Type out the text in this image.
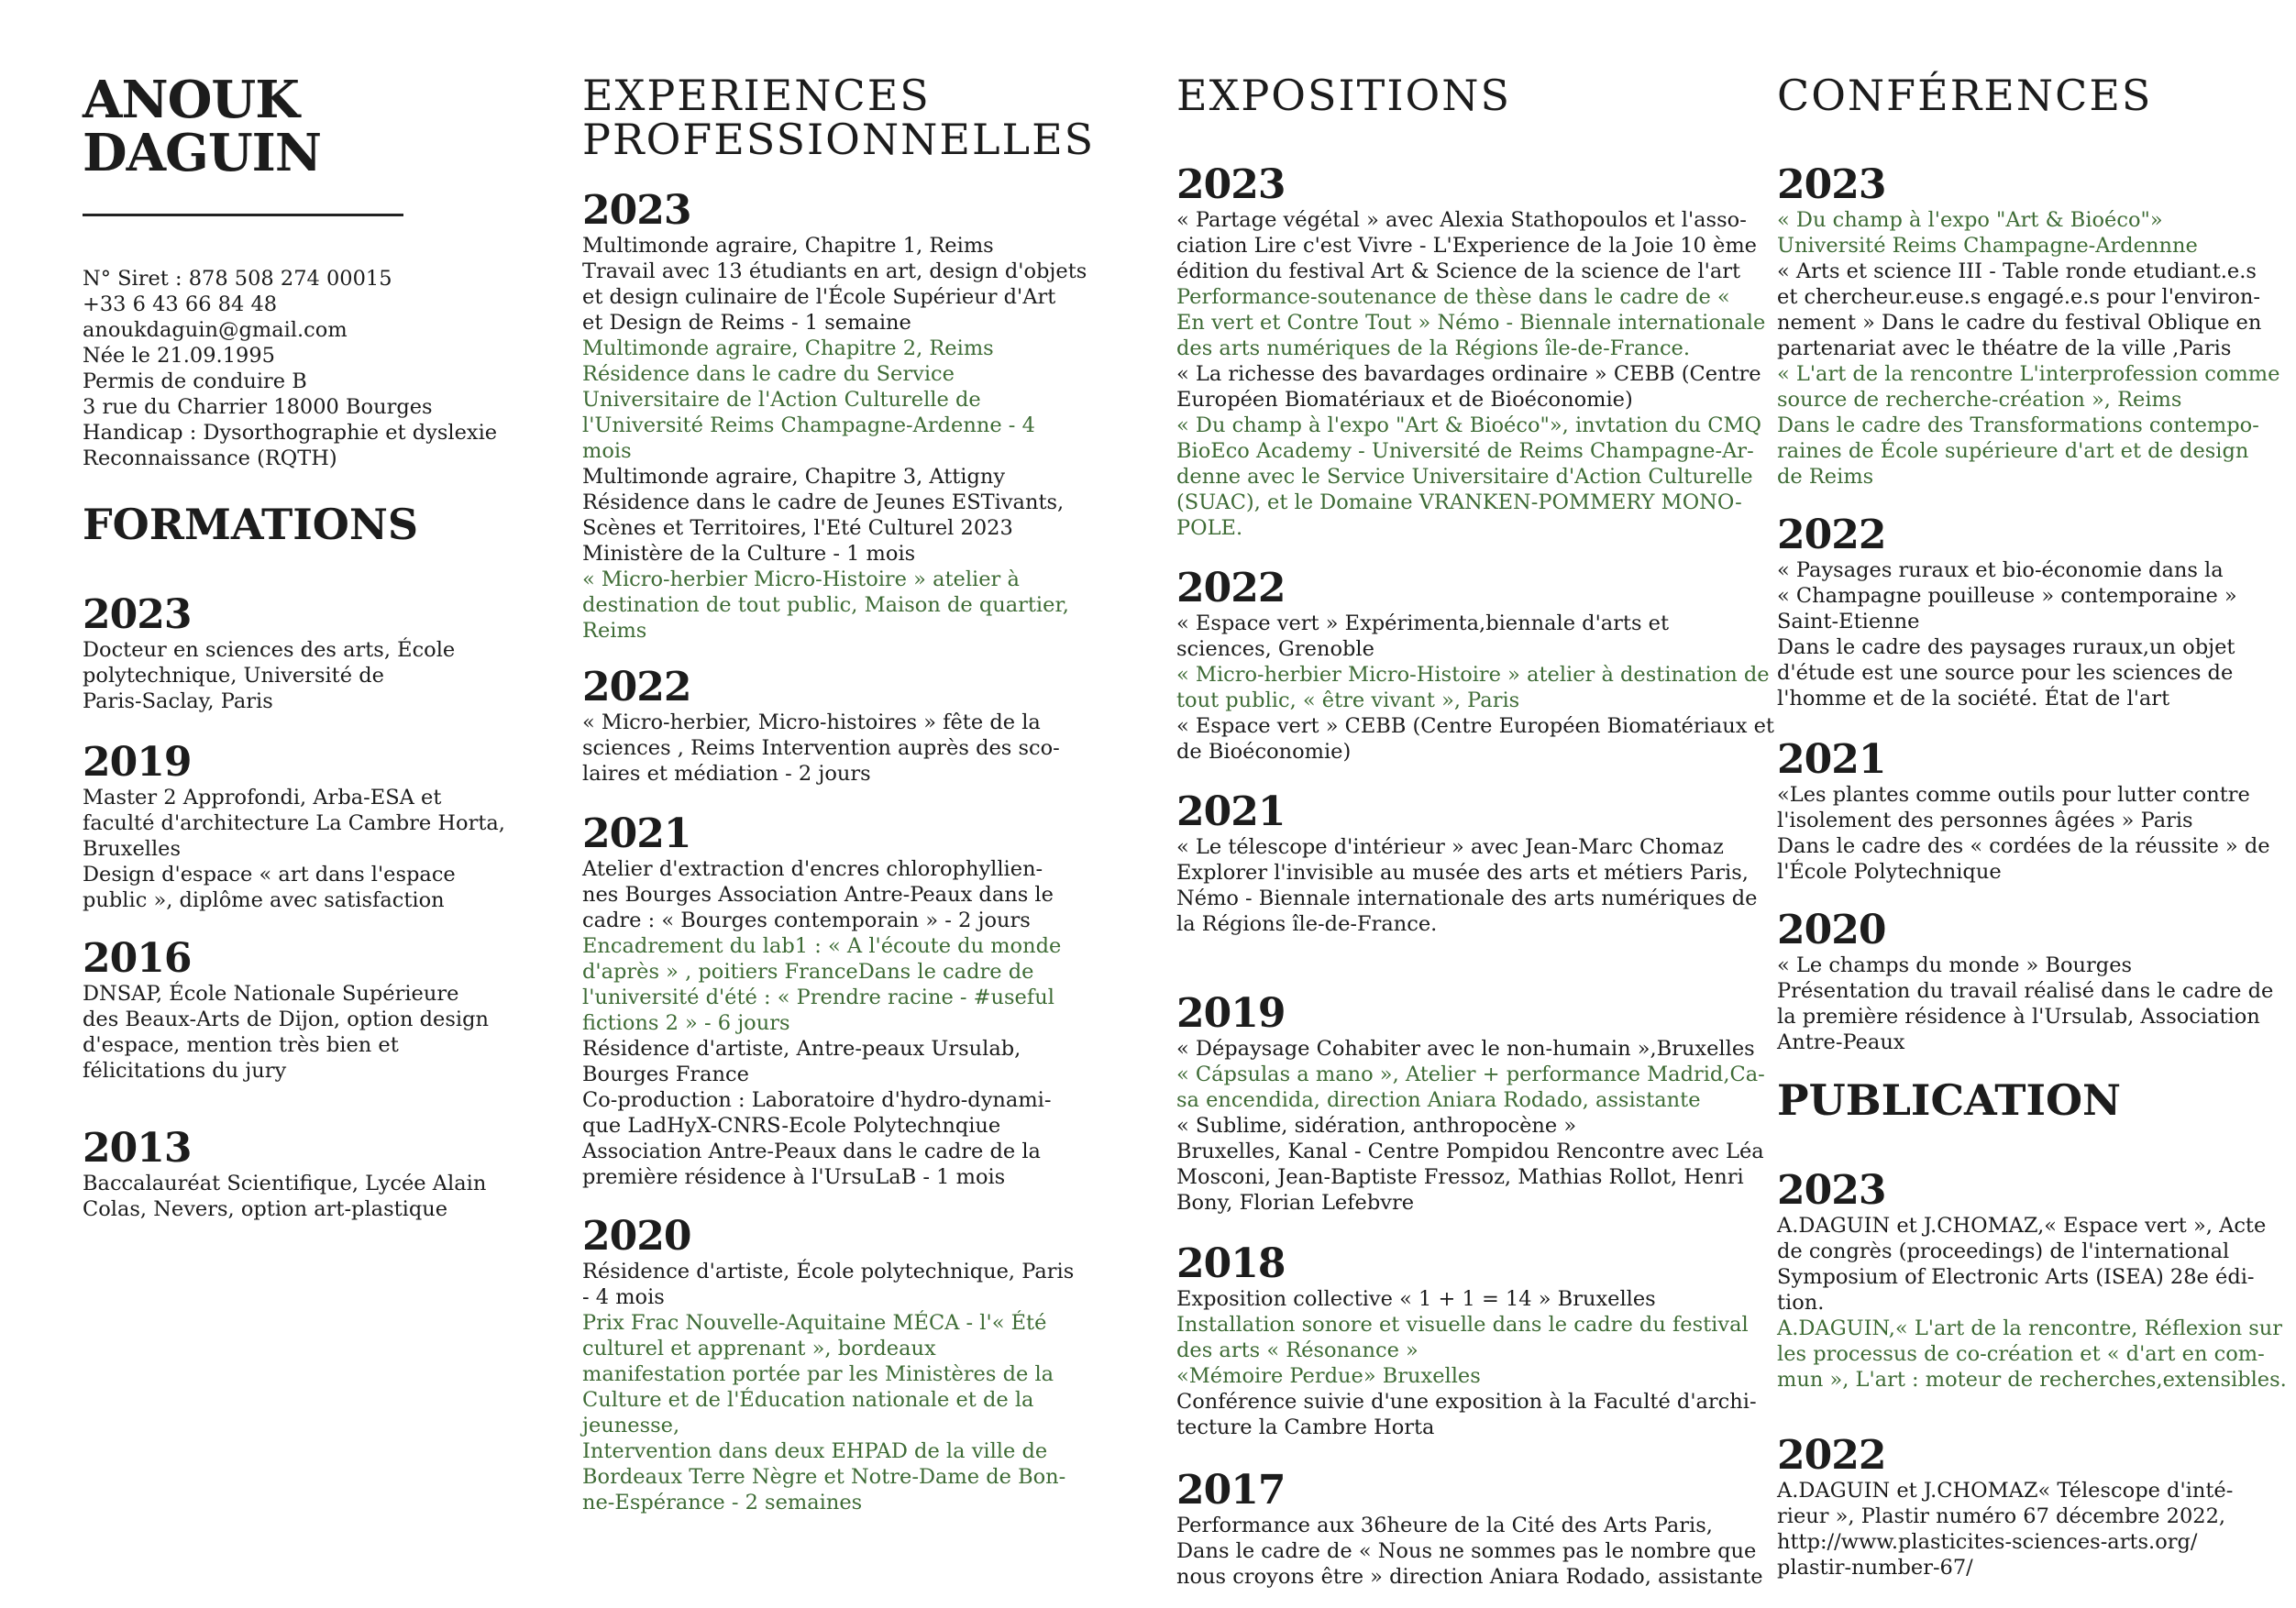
ANOUK
DAGUIN
N° Siret : 878 508 274 00015
+33 6 43 66 84 48
anoukdaguin@gmail.com
Née le 21.09.1995
Permis de conduire B
3 rue du Charrier 18000 Bourges
Handicap : Dysorthographie et dyslexie
Reconnaissance (RQTH)
FORMATIONS
2023
Docteur en sciences des arts, École
polytechnique, Université de
Paris-Saclay, Paris
2019
Master 2 Approfondi, Arba-ESA et
faculté d'architecture La Cambre Horta,
Bruxelles
Design d'espace « art dans l'espace
public », diplôme avec satisfaction
2016
DNSAP, École Nationale Supérieure
des Beaux-Arts de Dijon, option design
d'espace, mention très bien et
félicitations du jury
2013
Baccalauréat Scientifique, Lycée Alain
Colas, Nevers, option art-plastique
EXPERIENCES
PROFESSIONNELLES
2023
Multimonde agraire, Chapitre 1, Reims
Travail avec 13 étudiants en art, design d'objets
et design culinaire de l'École Supérieur d'Art
et Design de Reims - 1 semaine
Multimonde agraire, Chapitre 2, Reims
Résidence dans le cadre du Service
Universitaire de l'Action Culturelle de
l'Université Reims Champagne-Ardenne - 4
mois
Multimonde agraire, Chapitre 3, Attigny
Résidence dans le cadre de Jeunes ESTivants,
Scènes et Territoires, l'Eté Culturel 2023
Ministère de la Culture - 1 mois
« Micro-herbier Micro-Histoire » atelier à
destination de tout public, Maison de quartier,
Reims
2022
« Micro-herbier, Micro-histoires » fête de la
sciences , Reims Intervention auprès des sco-
laires et médiation - 2 jours
2021
Atelier d'extraction d'encres chlorophyllien-
nes Bourges Association Antre-Peaux dans le
cadre : « Bourges contemporain » - 2 jours
Encadrement du lab1 : « A l'écoute du monde
d'après » , poitiers FranceDans le cadre de
l'université d'été : « Prendre racine - #useful
fictions 2 » - 6 jours
Résidence d'artiste, Antre-peaux Ursulab,
Bourges France
Co-production : Laboratoire d'hydro-dynami-
que LadHyX-CNRS-Ecole Polytechnqiue
Association Antre-Peaux dans le cadre de la
première résidence à l'UrsuLaB - 1 mois
2020
Résidence d'artiste, École polytechnique, Paris
- 4 mois
Prix Frac Nouvelle-Aquitaine MÉCA - l'« Été
culturel et apprenant », bordeaux
manifestation portée par les Ministères de la
Culture et de l'Éducation nationale et de la
jeunesse,
Intervention dans deux EHPAD de la ville de
Bordeaux Terre Nègre et Notre-Dame de Bon-
ne-Espérance - 2 semaines
EXPOSITIONS
2023
« Partage végétal » avec Alexia Stathopoulos et l'asso-
ciation Lire c'est Vivre - L'Experience de la Joie 10 ème
édition du festival Art & Science de la science de l'art
Performance-soutenance de thèse dans le cadre de «
En vert et Contre Tout » Némo - Biennale internationale
des arts numériques de la Régions île-de-France.
« La richesse des bavardages ordinaire » CEBB (Centre
Européen Biomatériaux et de Bioéconomie)
« Du champ à l'expo "Art & Bioéco"», invtation du CMQ
BioEco Academy - Université de Reims Champagne-Ar-
denne avec le Service Universitaire d'Action Culturelle
(SUAC), et le Domaine VRANKEN-POMMERY MONO-
POLE.
2022
« Espace vert » Expérimenta,biennale d'arts et
sciences, Grenoble
« Micro-herbier Micro-Histoire » atelier à destination de
tout public, « être vivant », Paris
« Espace vert » CEBB (Centre Européen Biomatériaux et
de Bioéconomie)
2021
« Le télescope d'intérieur » avec Jean-Marc Chomaz
Explorer l'invisible au musée des arts et métiers Paris,
Némo - Biennale internationale des arts numériques de
la Régions île-de-France.
2019
« Dépaysage Cohabiter avec le non-humain »,Bruxelles
« Cápsulas a mano », Atelier + performance Madrid,Ca-
sa encendida, direction Aniara Rodado, assistante
« Sublime, sidération, anthropocène »
Bruxelles, Kanal - Centre Pompidou Rencontre avec Léa
Mosconi, Jean-Baptiste Fressoz, Mathias Rollot, Henri
Bony, Florian Lefebvre
2018
Exposition collective « 1 + 1 = 14 » Bruxelles
Installation sonore et visuelle dans le cadre du festival
des arts « Résonance »
«Mémoire Perdue» Bruxelles
Conférence suivie d'une exposition à la Faculté d'archi-
tecture la Cambre Horta
2017
Performance aux 36heure de la Cité des Arts Paris,
Dans le cadre de « Nous ne sommes pas le nombre que
nous croyons être » direction Aniara Rodado, assistante
CONFÉRENCES
2023
« Du champ à l'expo "Art & Bioéco"»
Université Reims Champagne-Ardennne
« Arts et science III - Table ronde etudiant.e.s
et chercheur.euse.s engagé.e.s pour l'environ-
nement » Dans le cadre du festival Oblique en
partenariat avec le théatre de la ville ,Paris
« L'art de la rencontre L'interprofession comme
source de recherche-création », Reims
Dans le cadre des Transformations contempo-
raines de École supérieure d'art et de design
de Reims
2022
« Paysages ruraux et bio-économie dans la
« Champagne pouilleuse » contemporaine »
Saint-Etienne
Dans le cadre des paysages ruraux,un objet
d'étude est une source pour les sciences de
l'homme et de la société. État de l'art
2021
«Les plantes comme outils pour lutter contre
l'isolement des personnes âgées » Paris
Dans le cadre des « cordées de la réussite » de
l'École Polytechnique
2020
« Le champs du monde » Bourges
Présentation du travail réalisé dans le cadre de
la première résidence à l'Ursulab, Association
Antre-Peaux
PUBLICATION
2023
A.DAGUIN et J.CHOMAZ,« Espace vert », Acte
de congrès (proceedings) de l'international
Symposium of Electronic Arts (ISEA) 28e édi-
tion.
A.DAGUIN,« L'art de la rencontre, Réflexion sur
les processus de co-création et « d'art en com-
mun », L'art : moteur de recherches,extensibles.
2022
A.DAGUIN et J.CHOMAZ« Télescope d'inté-
rieur », Plastir numéro 67 décembre 2022,
http://www.plasticites-sciences-arts.org/
plastir-number-67/
